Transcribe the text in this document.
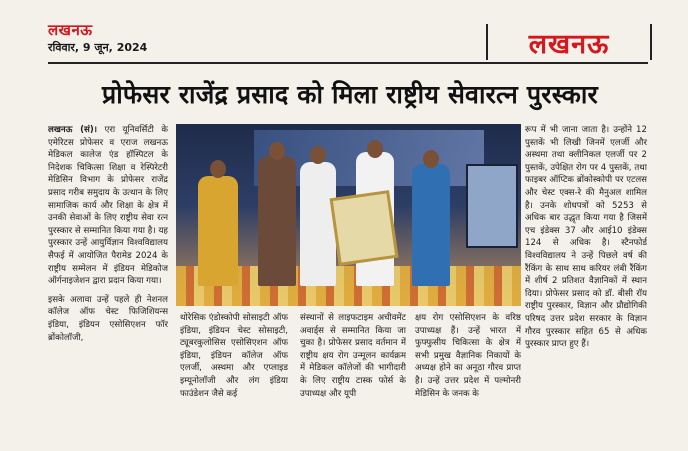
लखनऊ
रविवार, 9 जून, 2024	लखनऊ
प्रोफेसर राजेंद्र प्रसाद को मिला राष्ट्रीय सेवारत्न पुरस्कार

लखनऊ (सं)। एरा यूनिवर्सिटी के एमेरिटस प्रोफेसर व एराज लखनऊ मेडिकल कालेज एंड हॉस्पिटल के निदेशक चिकित्सा शिक्षा व रेस्पिरेटरी मेडिसिन विभाग के प्रोफेसर राजेंद्र प्रसाद गरीब समुदाय के उत्थान के लिए सामाजिक कार्य और शिक्षा के क्षेत्र में उनकी सेवाओं के लिए राष्ट्रीय सेवा रत्न पुरस्कार से सम्मानित किया गया है। यह पुरस्कार उन्हें आयुर्विज्ञान विश्वविद्यालय सैफई में आयोजित पैरामेड 2024 के राष्ट्रीय सम्मेलन में इंडियन मेडिकोज ऑर्गनाइजेशन द्वारा प्रदान किया गया।

इसके अलावा उन्हें पहले ही नेशनल कॉलेज ऑफ चेस्ट फिजिशियन्स इंडिया, इंडियन एसोसिएशन फॉर ब्रोंकोलॉजी,

थोरेसिक एंडोस्कोपी सोसाइटी ऑफ इंडिया, इंडियन चेस्ट सोसाइटी, ट्यूबरकुलोसिस एसोसिएशन ऑफ इंडिया, इंडियन कॉलेज ऑफ एलर्जी, अस्थमा और एप्लाइड इम्यूनोलॉजी और लंग इंडिया फाउंडेशन जैसे कई
संस्थानों से लाइफटाइम अचीवमेंट अवार्ड्स से सम्मानित किया जा चुका है। प्रोफेसर प्रसाद वर्तमान में राष्ट्रीय क्षय रोग उन्मूलन कार्यक्रम में मेडिकल कॉलेजों की भागीदारी के लिए राष्ट्रीय टास्क फोर्स के उपाध्यक्ष और यूपी
क्षय रोग एसोसिएशन के वरिष्ठ उपाध्यक्ष हैं। उन्हें भारत में फुफ्फुसीय चिकित्सा के क्षेत्र में सभी प्रमुख वैज्ञानिक निकायों के अध्यक्ष होने का अनूठा गौरव प्राप्त है। उन्हें उत्तर प्रदेश में पल्मोनरी मेडिसिन के जनक के
रूप में भी जाना जाता है। उन्होंने 12 पुस्तकें भी लिखी जिनमें एलर्जी और अस्थमा तथा क्लीनिकल एलर्जी पर 2 पुस्तकें, उपेक्षित रोग पर 4 पुस्तकें, तथा फाइबर ऑप्टिक ब्रोंकोस्कोपी पर एटलस और चेस्ट एक्स-रे की मैनुअल शामिल है। उनके शोधपत्रों को 5253 से अधिक बार उद्धृत किया गया है जिसमें एच इंडेक्स 37 और आई10 इंडेक्स 124 से अधिक है। स्टैनफोर्ड विश्वविद्यालय ने उन्हें पिछले वर्ष की रैंकिंग के साथ साथ करियर लंबी रैंकिंग में शीर्ष 2 प्रतिशत वैज्ञानिकों में स्थान दिया। प्रोफेसर प्रसाद को डॉ. बीसी रॉय राष्ट्रीय पुरस्कार, विज्ञान और प्रौद्योगिकी परिषद उत्तर प्रदेश सरकार के विज्ञान गौरव पुरस्कार सहित 65 से अधिक पुरस्कार प्राप्त हुए हैं।
